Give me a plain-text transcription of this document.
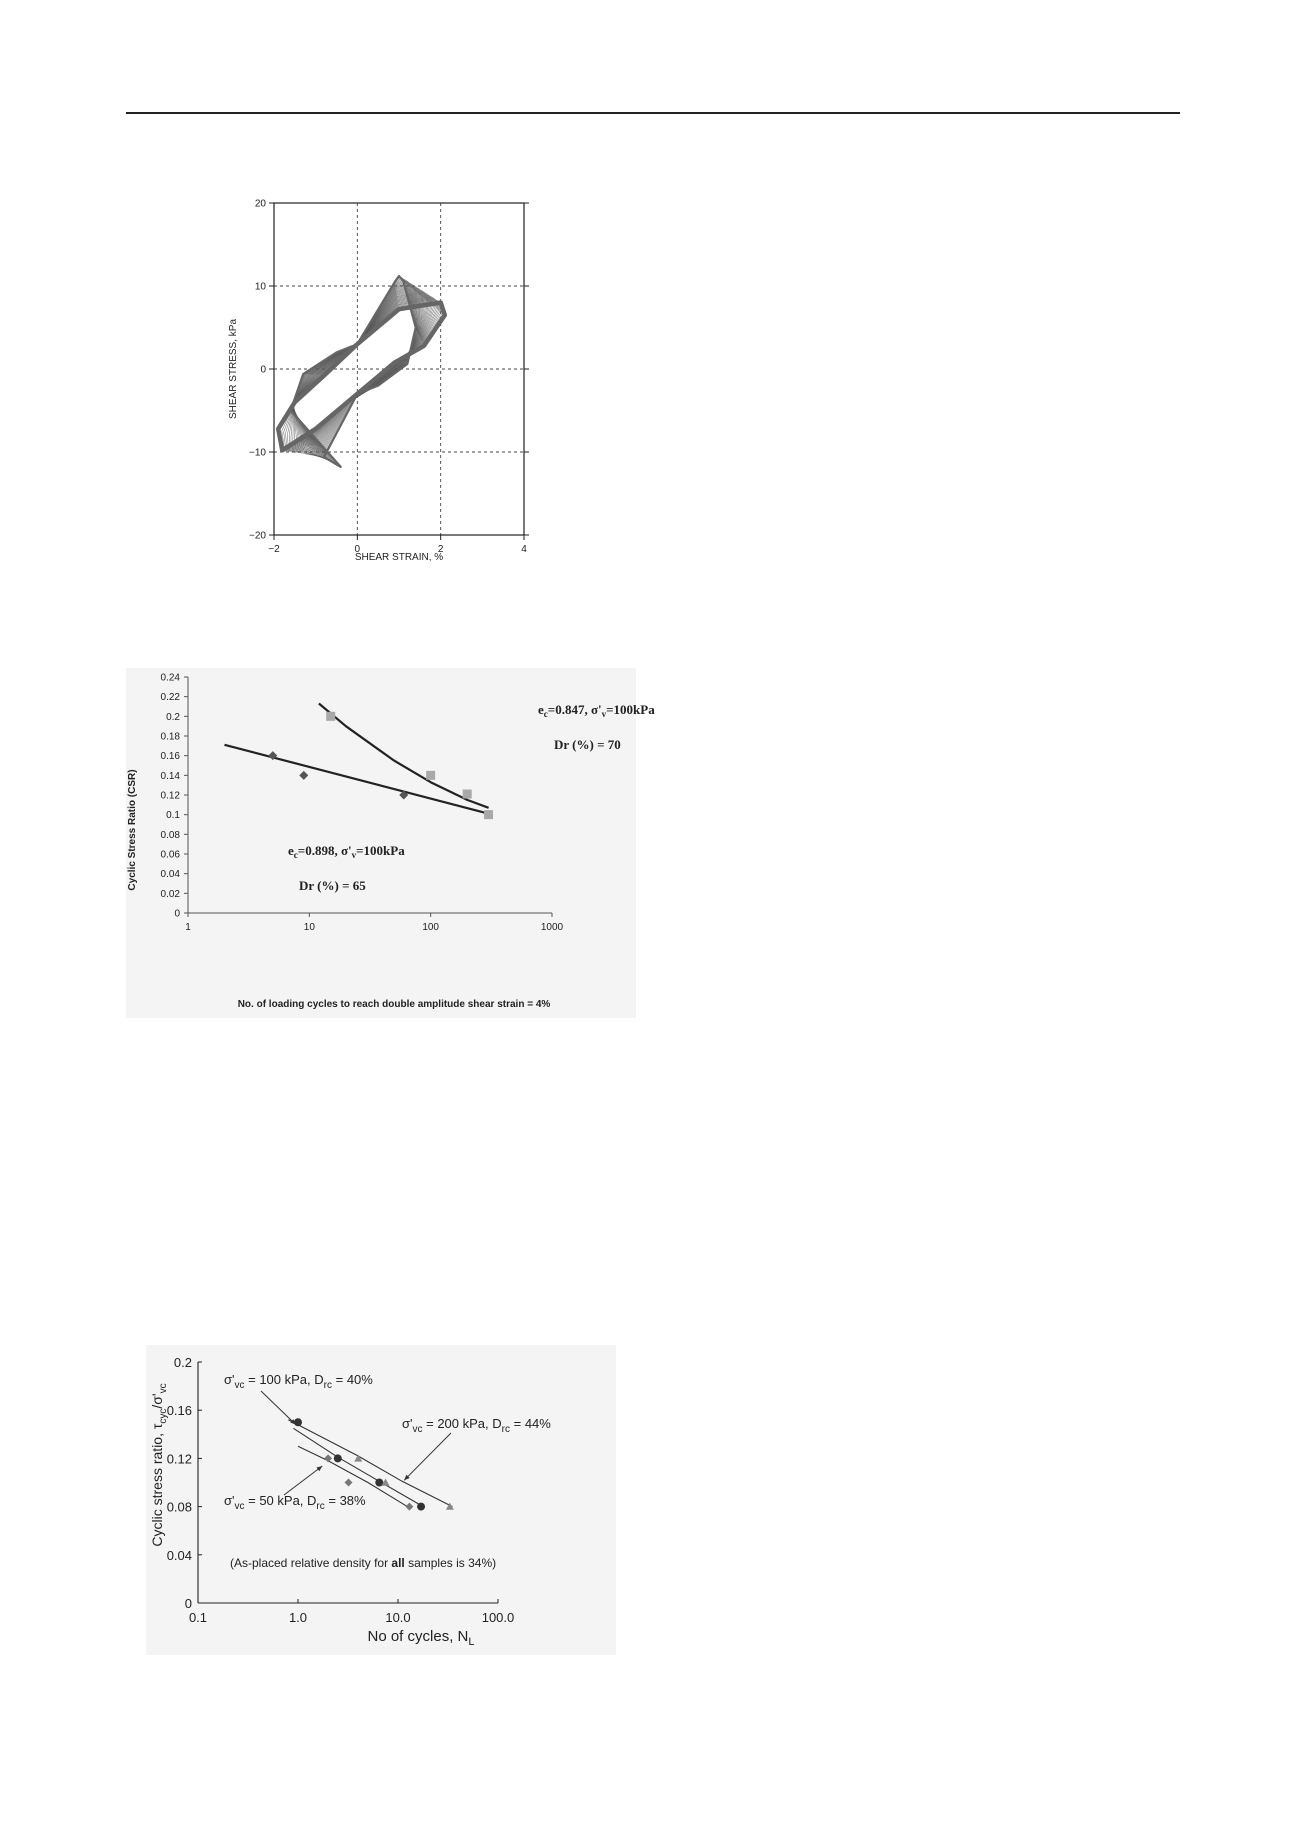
−2	0	2	4
−20
−10
0
10
20
SHEAR STRAIN, %
SHEAR STRESS, kPa
0
0.02
0.04
0.06
0.08
0.1
0.12
0.14
0.16
0.18
0.2
0.22
0.24
1	10	100	1000
$e_c=0.847$, $\sigma'_v=100kPa$
Dr (%) = 70
$e_c=0.898$, $\sigma'_v=100kPa$
Dr (%) = 65
No. of loading cycles to reach double amplitude shear strain = 4%
Cyclic Stress Ratio (CSR)
0
0.04
0.08
0.12
0.16
0.2
0.1	1.0	10.0	100.0
$\sigma'_{vc} = 100$ kPa, $D_{rc} = 40\%$
$\sigma'_{vc} = 200$ kPa, $D_{rc} = 44\%$
$\sigma'_{vc} = 50$ kPa, $D_{rc} = 38\%$
(As-placed relative density for all samples is 34%)
No of cycles, $N_L$
Cyclic stress ratio, $\tau_{cyc}/\sigma'_{vc}$
